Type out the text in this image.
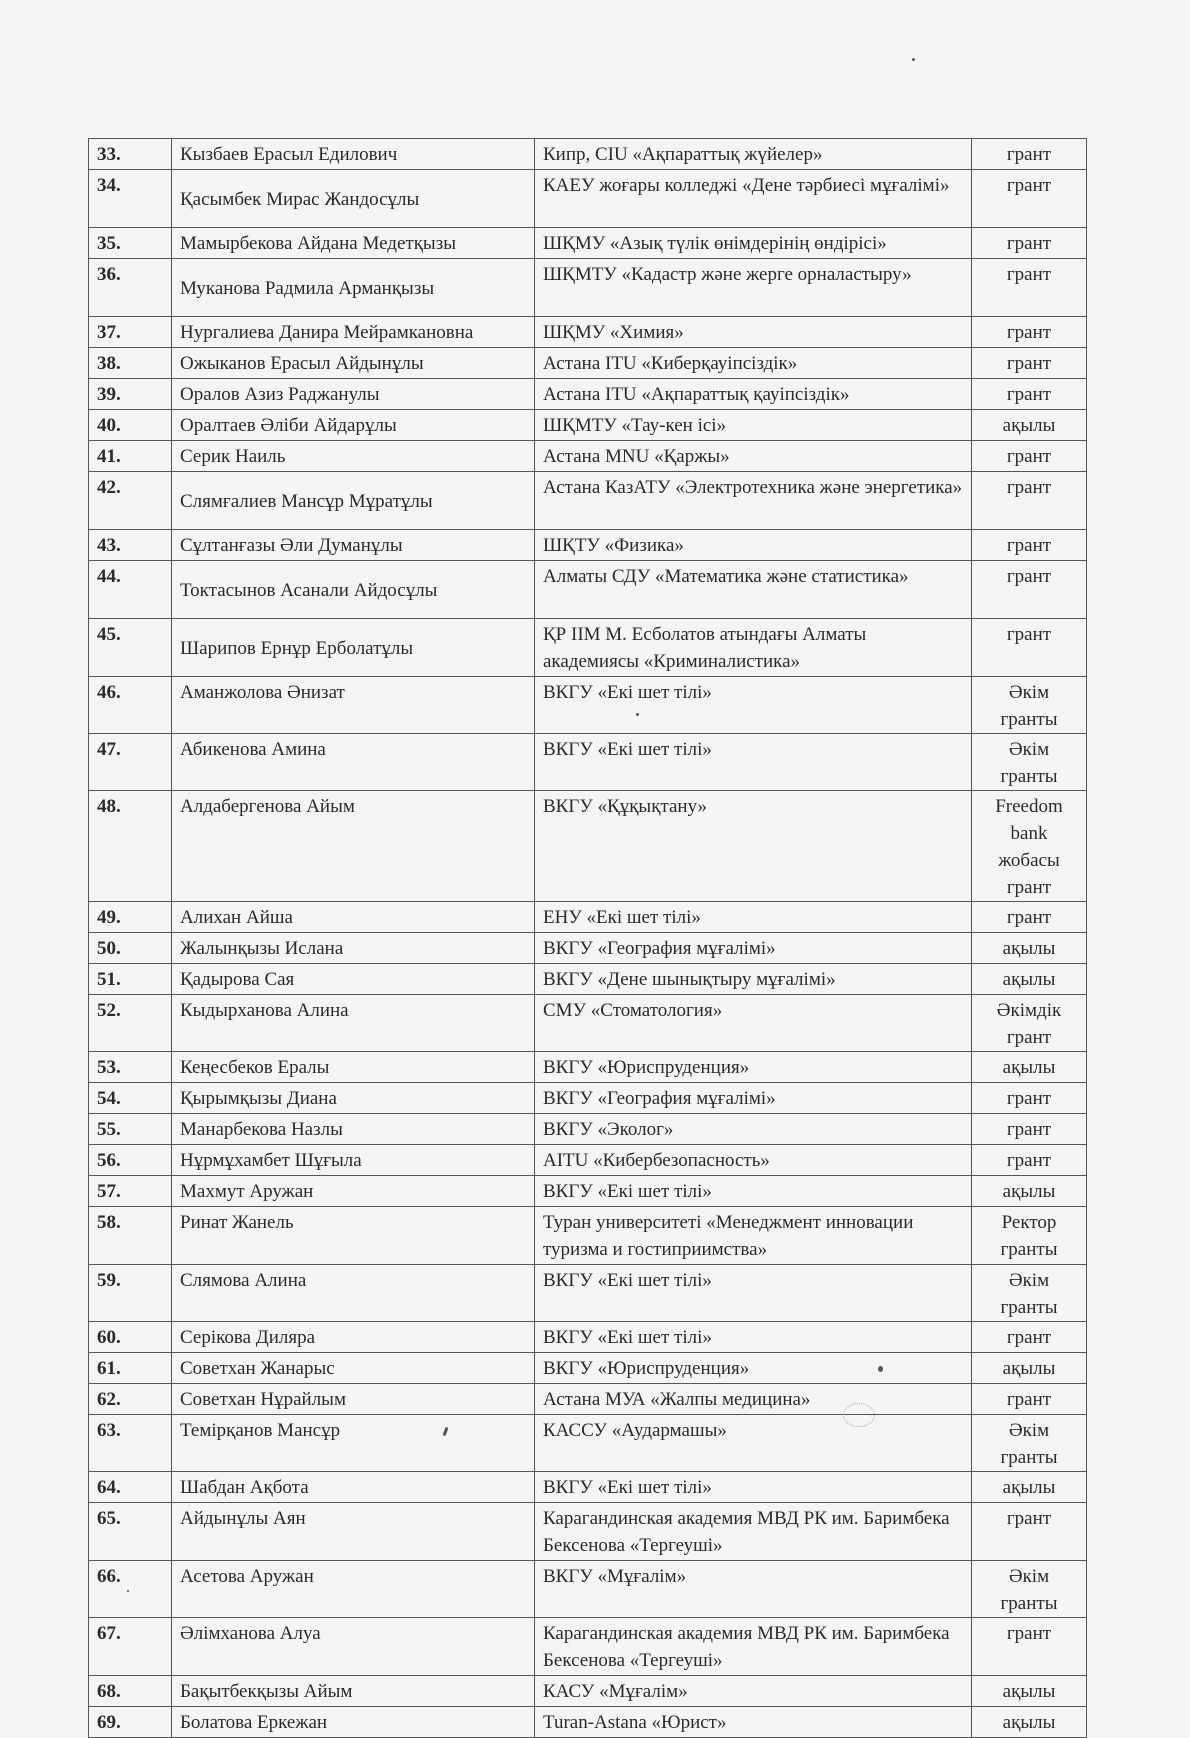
33.	Кызбаев Ерасыл Едилович	Кипр, CIU «Ақпараттық жүйелер»	грант
34.	Қасымбек Мирас Жандосұлы	КАЕУ жоғары колледжі «Дене тәрбиесі мұғалімі»	грант
35.	Мамырбекова Айдана Медетқызы	ШҚМУ «Азық түлік өнімдерінің өндірісі»	грант
36.	Муканова Радмила Арманқызы	ШҚМТУ «Кадастр және жерге орналастыру»	грант
37.	Нургалиева Данира Мейрамкановна	ШҚМУ «Химия»	грант
38.	Ожыканов Ерасыл Айдынұлы	Астана ITU «Киберқауіпсіздік»	грант
39.	Оралов Азиз Раджанулы	Астана ITU «Ақпараттық қауіпсіздік»	грант
40.	Оралтаев Әліби Айдарұлы	ШҚМТУ «Тау-кен ісі»	ақылы
41.	Серик Наиль	Астана MNU «Қаржы»	грант
42.	Слямғалиев Мансұр Мұратұлы	Астана КазАТУ «Электротехника және энергетика»	грант
43.	Сұлтанғазы Әли Думанұлы	ШҚТУ «Физика»	грант
44.	Токтасынов Асанали Айдосұлы	Алматы СДУ «Математика және статистика»	грант
45.	Шарипов Ернұр Ерболатұлы	ҚР ІІМ М. Есболатов атындағы Алматы академиясы «Криминалистика»	грант
46.	Аманжолова Әнизат	ВКГУ «Екі шет тілі»	Әкім гранты
47.	Абикенова Амина	ВКГУ «Екі шет тілі»	Әкім гранты
48.	Алдабергенова Айым	ВКГУ «Құқықтану»	Freedom bank жобасы грант
49.	Алихан Айша	ЕНУ «Екі шет тілі»	грант
50.	Жалынқызы Ислана	ВКГУ «География мұғалімі»	ақылы
51.	Қадырова Сая	ВКГУ «Дене шынықтыру мұғалімі»	ақылы
52.	Кыдырханова Алина	СМУ «Стоматология»	Әкімдік грант
53.	Кеңесбеков Ералы	ВКГУ «Юриспруденция»	ақылы
54.	Қырымқызы Диана	ВКГУ «География мұғалімі»	грант
55.	Манарбекова Назлы	ВКГУ «Эколог»	грант
56.	Нұрмұхамбет Шұғыла	AITU «Кибербезопасность»	грант
57.	Махмут Аружан	ВКГУ «Екі шет тілі»	ақылы
58.	Ринат Жанель	Туран университеті «Менеджмент инновации туризма и гостиприимства»	Ректор гранты
59.	Слямова Алина	ВКГУ «Екі шет тілі»	Әкім гранты
60.	Серікова Диляра	ВКГУ «Екі шет тілі»	грант
61.	Советхан Жанарыс	ВКГУ «Юриспруденция»	ақылы
62.	Советхан Нұрайлым	Астана МУА «Жалпы медицина»	грант
63.	Темірқанов Мансұр	КАССУ «Аудармашы»	Әкім гранты
64.	Шабдан Ақбота	ВКГУ «Екі шет тілі»	ақылы
65.	Айдынұлы Аян	Карагандинская академия МВД РК им. Баримбека Бексенова «Тергеуші»	грант
66.	Асетова Аружан	ВКГУ «Мұғалім»	Әкім гранты
67.	Әлімханова Алуа	Карагандинская академия МВД РК им. Баримбека Бексенова «Тергеуші»	грант
68.	Бақытбекқызы Айым	КАСУ «Мұғалім»	ақылы
69.	Болатова Еркежан	Turan-Astana «Юрист»	ақылы
